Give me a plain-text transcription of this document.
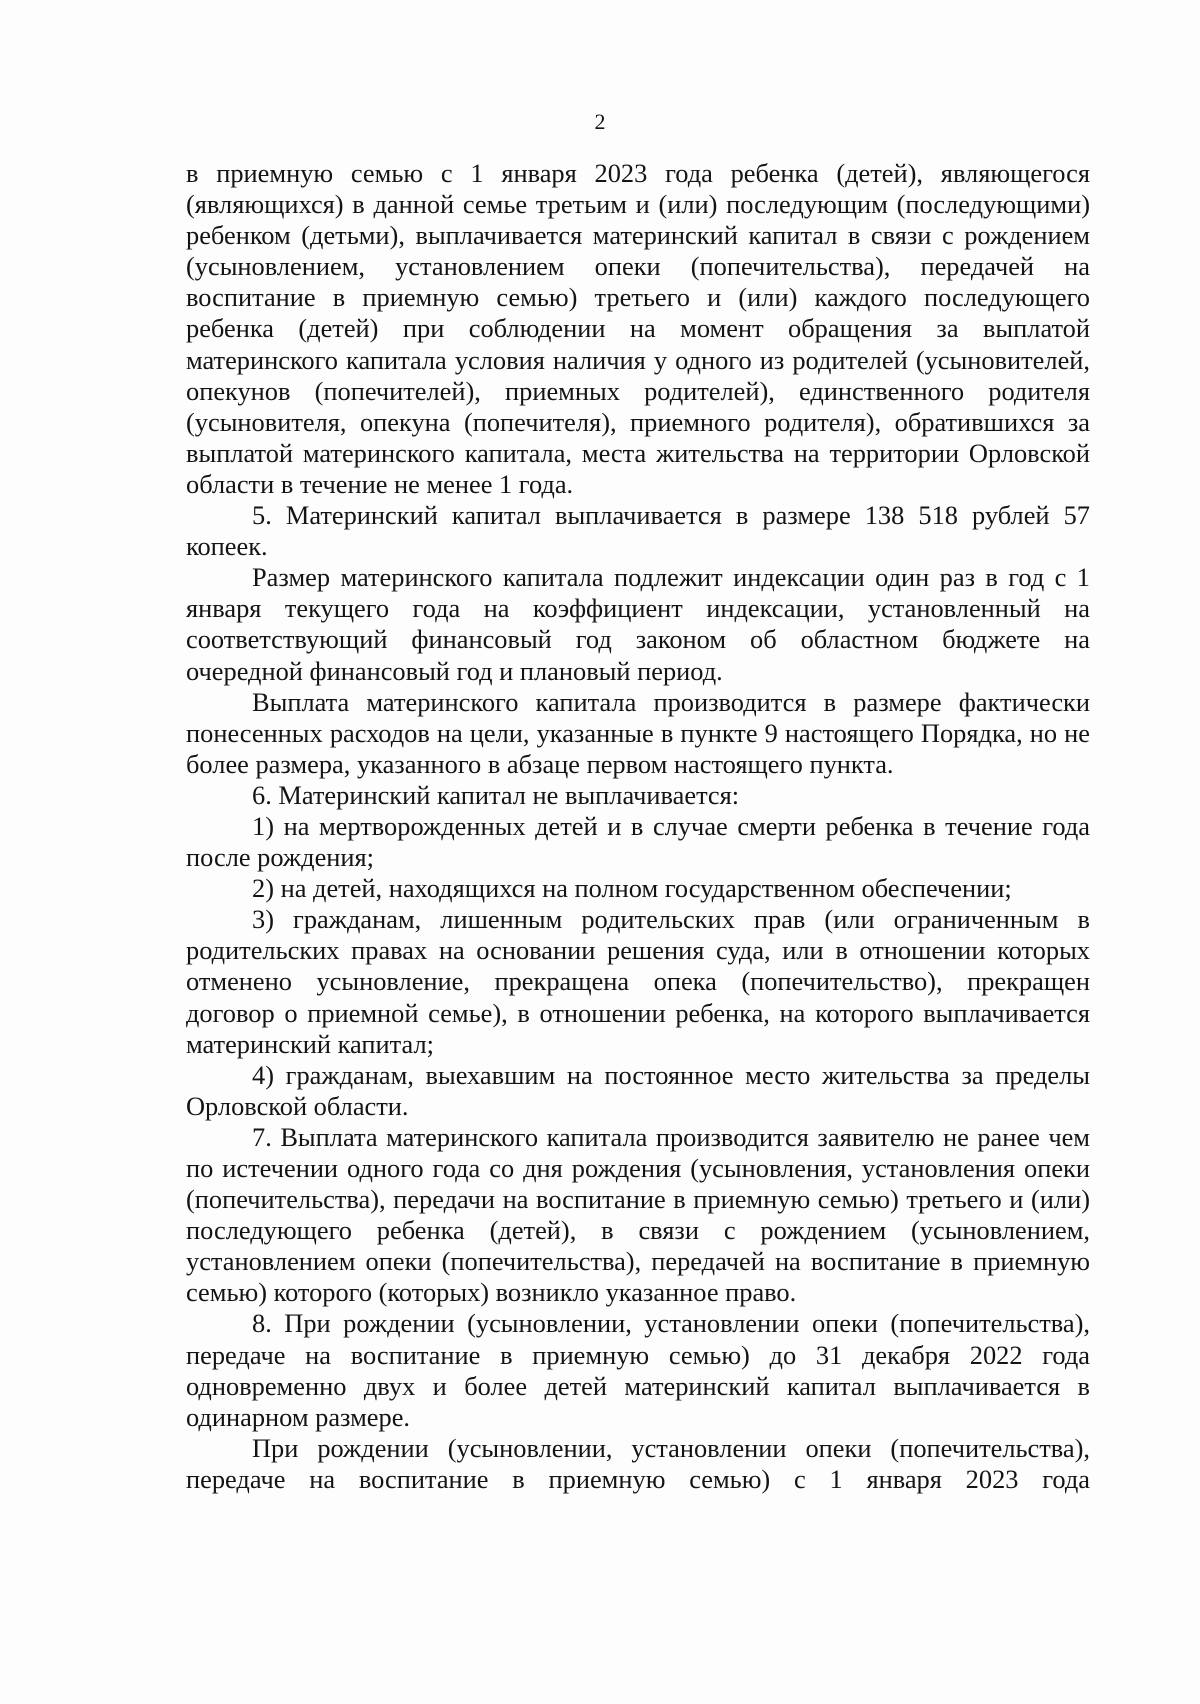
2

в приемную семью с 1 января 2023 года ребенка (детей), являющегося (являющихся) в данной семье третьим и (или) последующим (последующими) ребенком (детьми), выплачивается материнский капитал в связи с рождением (усыновлением, установлением опеки (попечительства), передачей на воспитание в приемную семью) третьего и (или) каждого последующего ребенка (детей) при соблюдении на момент обращения за выплатой материнского капитала условия наличия у одного из родителей (усыновителей, опекунов (попечителей), приемных родителей), единственного родителя (усыновителя, опекуна (попечителя), приемного родителя), обратившихся за выплатой материнского капитала, места жительства на территории Орловской области в течение не менее 1 года.

5. Материнский капитал выплачивается в размере 138 518 рублей 57 копеек.

Размер материнского капитала подлежит индексации один раз в год с 1 января текущего года на коэффициент индексации, установленный на соответствующий финансовый год законом об областном бюджете на очередной финансовый год и плановый период.

Выплата материнского капитала производится в размере фактически понесенных расходов на цели, указанные в пункте 9 настоящего Порядка, но не более размера, указанного в абзаце первом настоящего пункта.

6. Материнский капитал не выплачивается:

1) на мертворожденных детей и в случае смерти ребенка в течение года после рождения;

2) на детей, находящихся на полном государственном обеспечении;

3) гражданам, лишенным родительских прав (или ограниченным в родительских правах на основании решения суда, или в отношении которых отменено усыновление, прекращена опека (попечительство), прекращен договор о приемной семье), в отношении ребенка, на которого выплачивается материнский капитал;

4) гражданам, выехавшим на постоянное место жительства за пределы Орловской области.

7. Выплата материнского капитала производится заявителю не ранее чем по истечении одного года со дня рождения (усыновления, установления опеки (попечительства), передачи на воспитание в приемную семью) третьего и (или) последующего ребенка (детей), в связи с рождением (усыновлением, установлением опеки (попечительства), передачей на воспитание в приемную семью) которого (которых) возникло указанное право.

8. При рождении (усыновлении, установлении опеки (попечительства), передаче на воспитание в приемную семью) до 31 декабря 2022 года одновременно двух и более детей материнский капитал выплачивается в одинарном размере.

При рождении (усыновлении, установлении опеки (попечительства), передаче на воспитание в приемную семью) с 1 января 2023 года
